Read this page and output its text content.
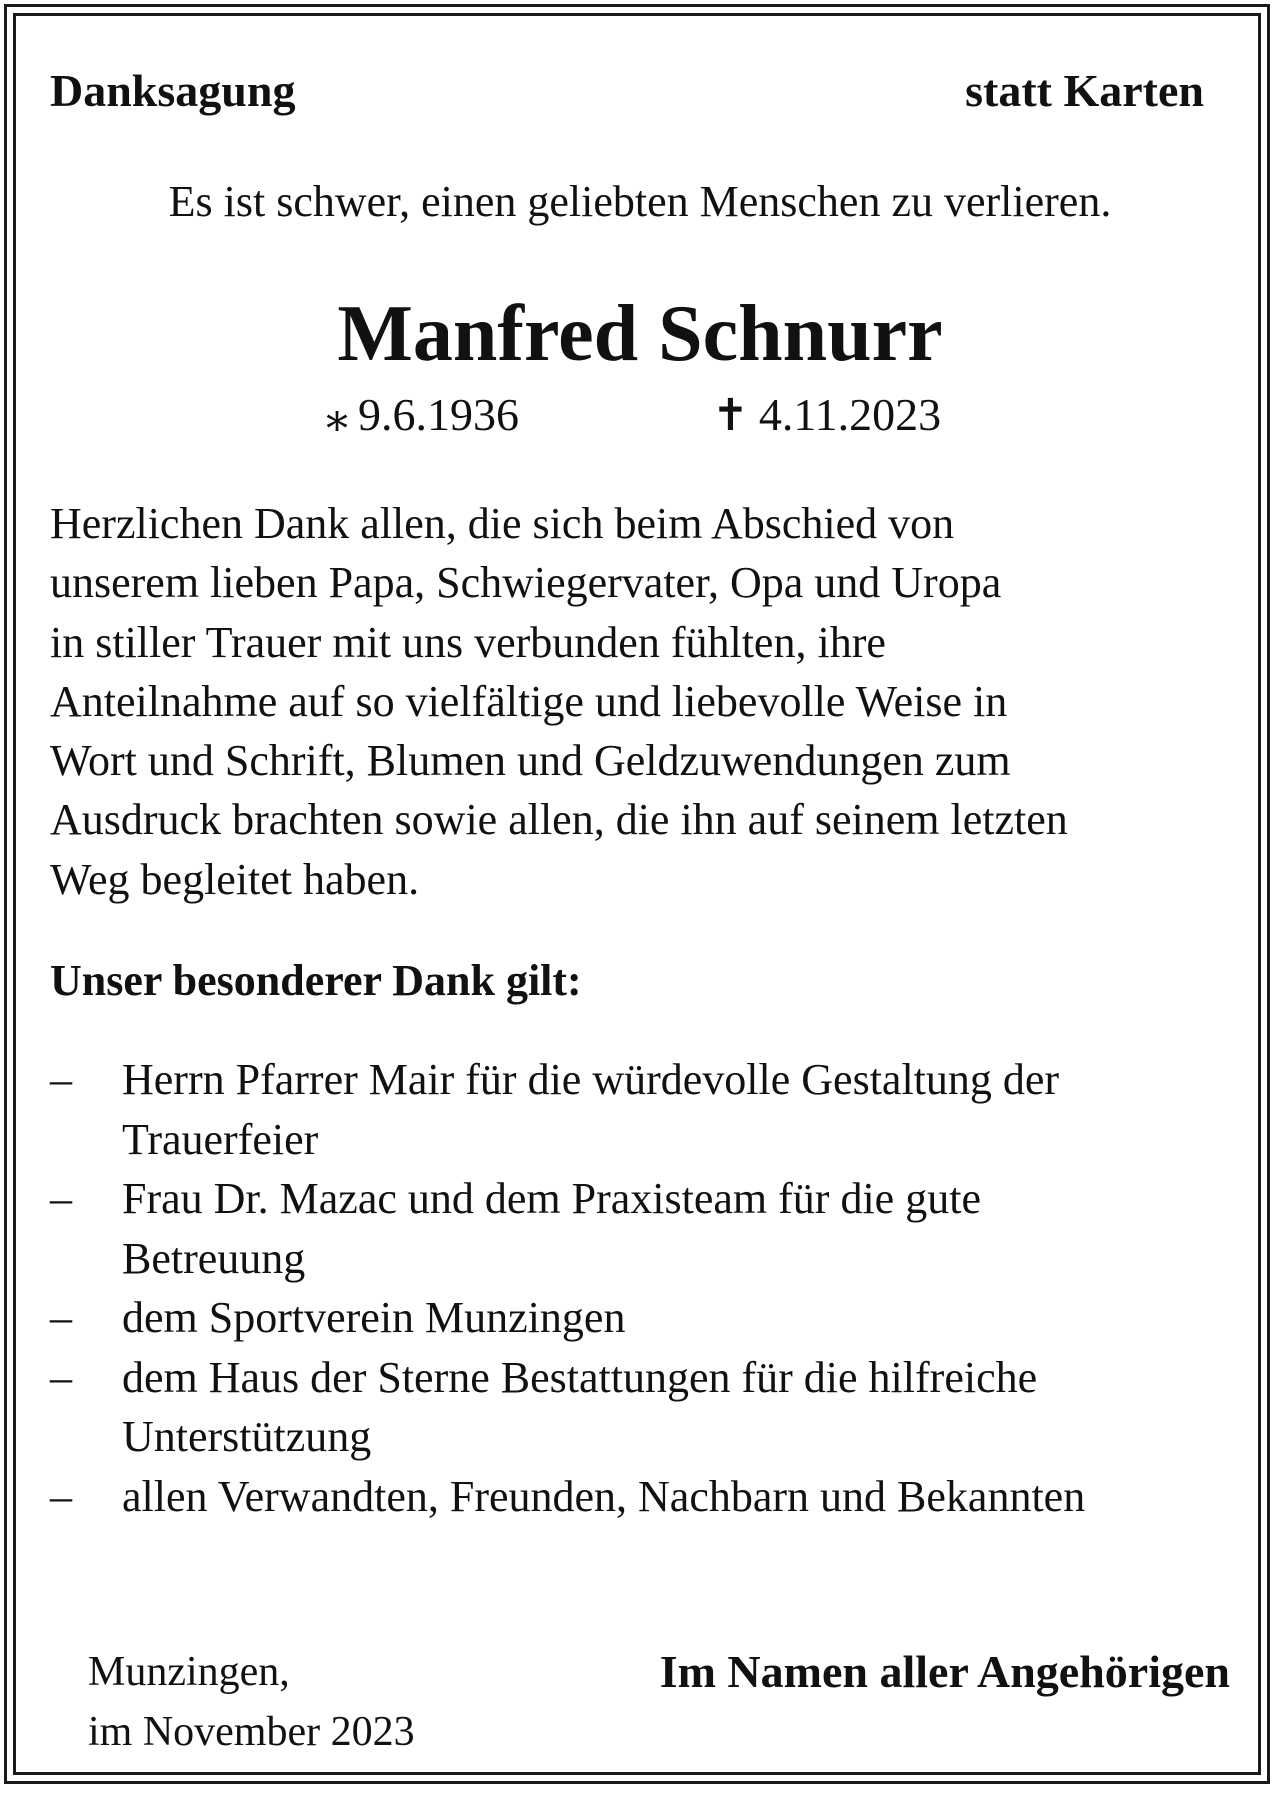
Danksagung	statt Karten
Es ist schwer, einen geliebten Menschen zu verlieren.
Manfred Schnurr
⁎ 9.6.1936	✝ 4.11.2023
Herzlichen Dank allen, die sich beim Abschied von
unserem lieben Papa, Schwiegervater, Opa und Uropa
in stiller Trauer mit uns verbunden fühlten, ihre
Anteilnahme auf so vielfältige und liebevolle Weise in
Wort und Schrift, Blumen und Geldzuwendungen zum
Ausdruck brachten sowie allen, die ihn auf seinem letzten
Weg begleitet haben.
Unser besonderer Dank gilt:
– Herrn Pfarrer Mair für die würdevolle Gestaltung der
Trauerfeier
– Frau Dr. Mazac und dem Praxisteam für die gute
Betreuung
– dem Sportverein Munzingen
– dem Haus der Sterne Bestattungen für die hilfreiche
Unterstützung
– allen Verwandten, Freunden, Nachbarn und Bekannten
Munzingen,
im November 2023
Im Namen aller Angehörigen
